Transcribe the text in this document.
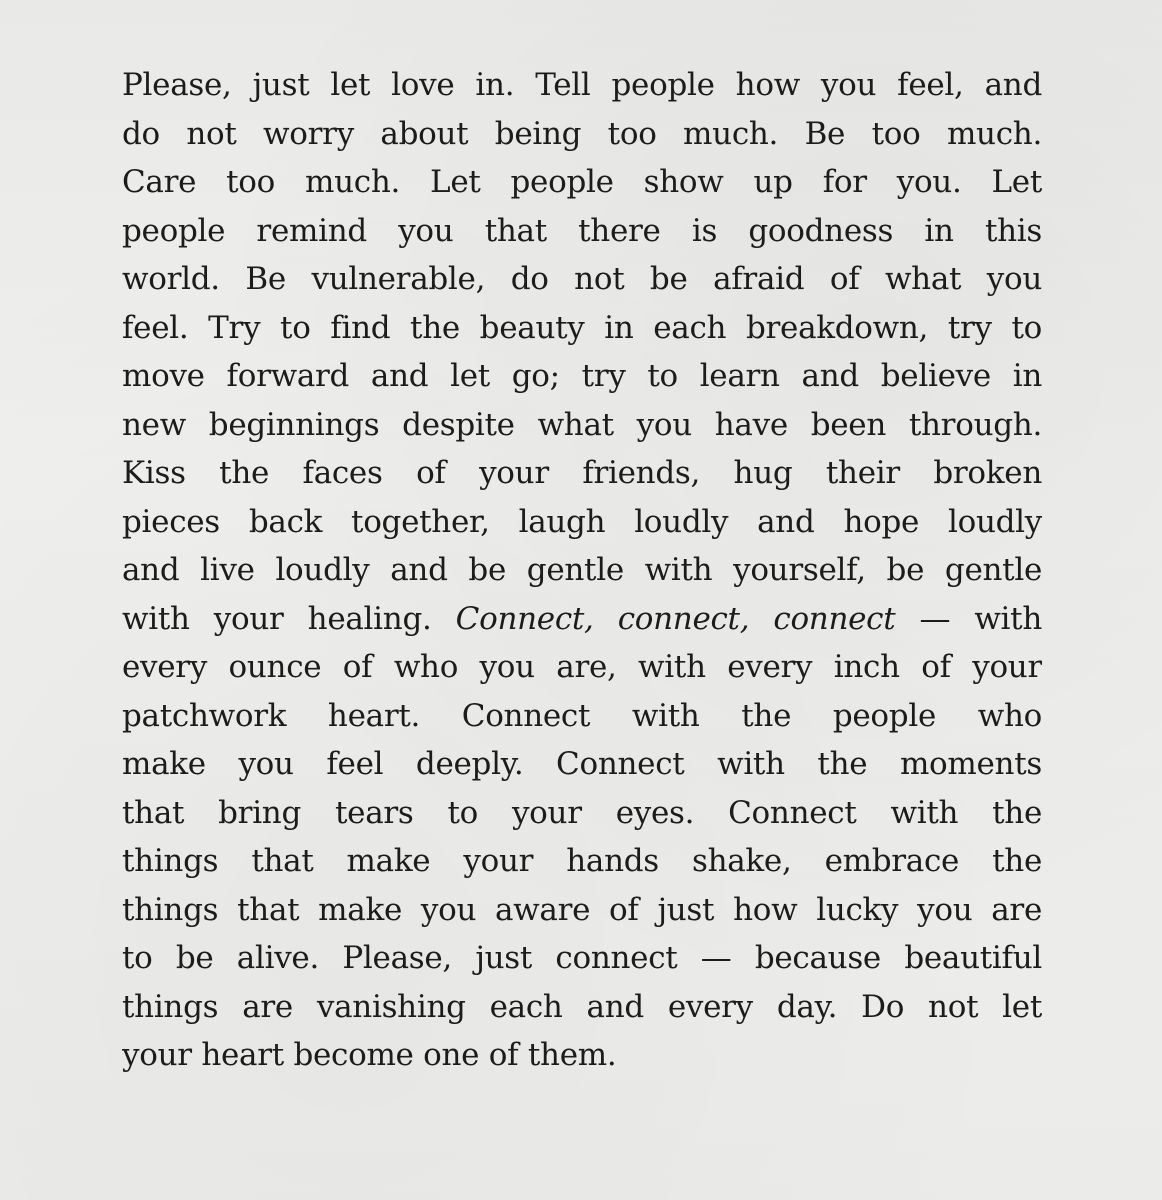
Please, just let love in. Tell people how you feel, and
do not worry about being too much. Be too much.
Care too much. Let people show up for you. Let
people remind you that there is goodness in this
world. Be vulnerable, do not be afraid of what you
feel. Try to find the beauty in each breakdown, try to
move forward and let go; try to learn and believe in
new beginnings despite what you have been through.
Kiss the faces of your friends, hug their broken
pieces back together, laugh loudly and hope loudly
and live loudly and be gentle with yourself, be gentle
with your healing. Connect, connect, connect — with
every ounce of who you are, with every inch of your
patchwork heart. Connect with the people who
make you feel deeply. Connect with the moments
that bring tears to your eyes. Connect with the
things that make your hands shake, embrace the
things that make you aware of just how lucky you are
to be alive. Please, just connect — because beautiful
things are vanishing each and every day. Do not let
your heart become one of them.
